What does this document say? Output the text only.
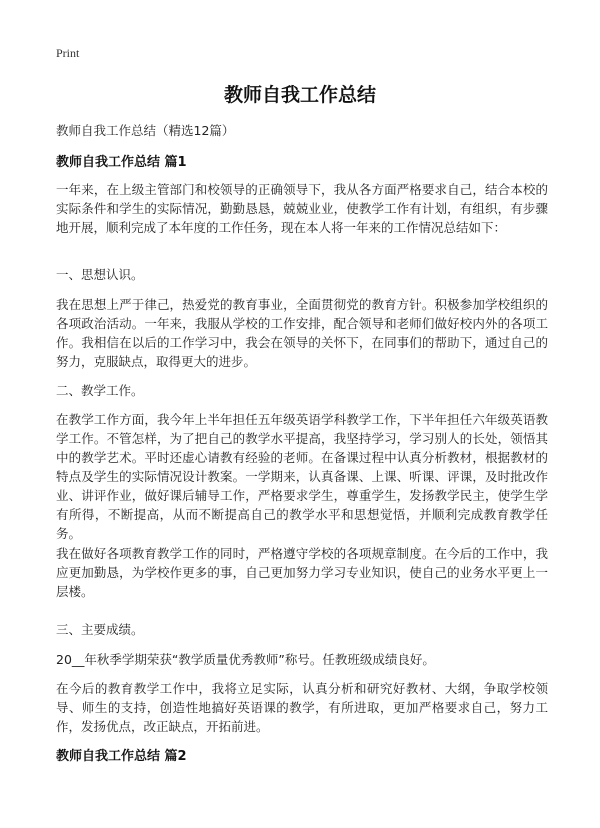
Print
教师自我工作总结
教师自我工作总结（精选12篇）
教师自我工作总结 篇1

一年来，在上级主管部门和校领导的正确领导下，我从各方面严格要求自己，结合本校的实际条件和学生的实际情况，勤勤恳恳，兢兢业业，使教学工作有计划，有组织，有步骤地开展，顺利完成了本年度的工作任务，现在本人将一年来的工作情况总结如下：

一、思想认识。

我在思想上严于律己，热爱党的教育事业，全面贯彻党的教育方针。积极参加学校组织的各项政治活动。一年来，我服从学校的工作安排，配合领导和老师们做好校内外的各项工作。我相信在以后的工作学习中，我会在领导的关怀下，在同事们的帮助下，通过自己的努力，克服缺点，取得更大的进步。

二、教学工作。

在教学工作方面，我今年上半年担任五年级英语学科教学工作，下半年担任六年级英语教学工作。不管怎样，为了把自己的教学水平提高，我坚持学习，学习别人的长处，领悟其中的教学艺术。平时还虚心请教有经验的老师。在备课过程中认真分析教材，根据教材的特点及学生的实际情况设计教案。一学期来，认真备课、上课、听课、评课，及时批改作业、讲评作业，做好课后辅导工作，严格要求学生，尊重学生，发扬教学民主，使学生学有所得，不断提高，从而不断提高自己的教学水平和思想觉悟，并顺利完成教育教学任务。

我在做好各项教育教学工作的同时，严格遵守学校的各项规章制度。在今后的工作中，我应更加勤恳，为学校作更多的事，自己更加努力学习专业知识，使自己的业务水平更上一层楼。

三、主要成绩。

20__年秋季学期荣获“教学质量优秀教师”称号。任教班级成绩良好。

在今后的教育教学工作中，我将立足实际，认真分析和研究好教材、大纲，争取学校领导、师生的支持，创造性地搞好英语课的教学，有所进取，更加严格要求自己，努力工作，发扬优点，改正缺点，开拓前进。

教师自我工作总结 篇2
